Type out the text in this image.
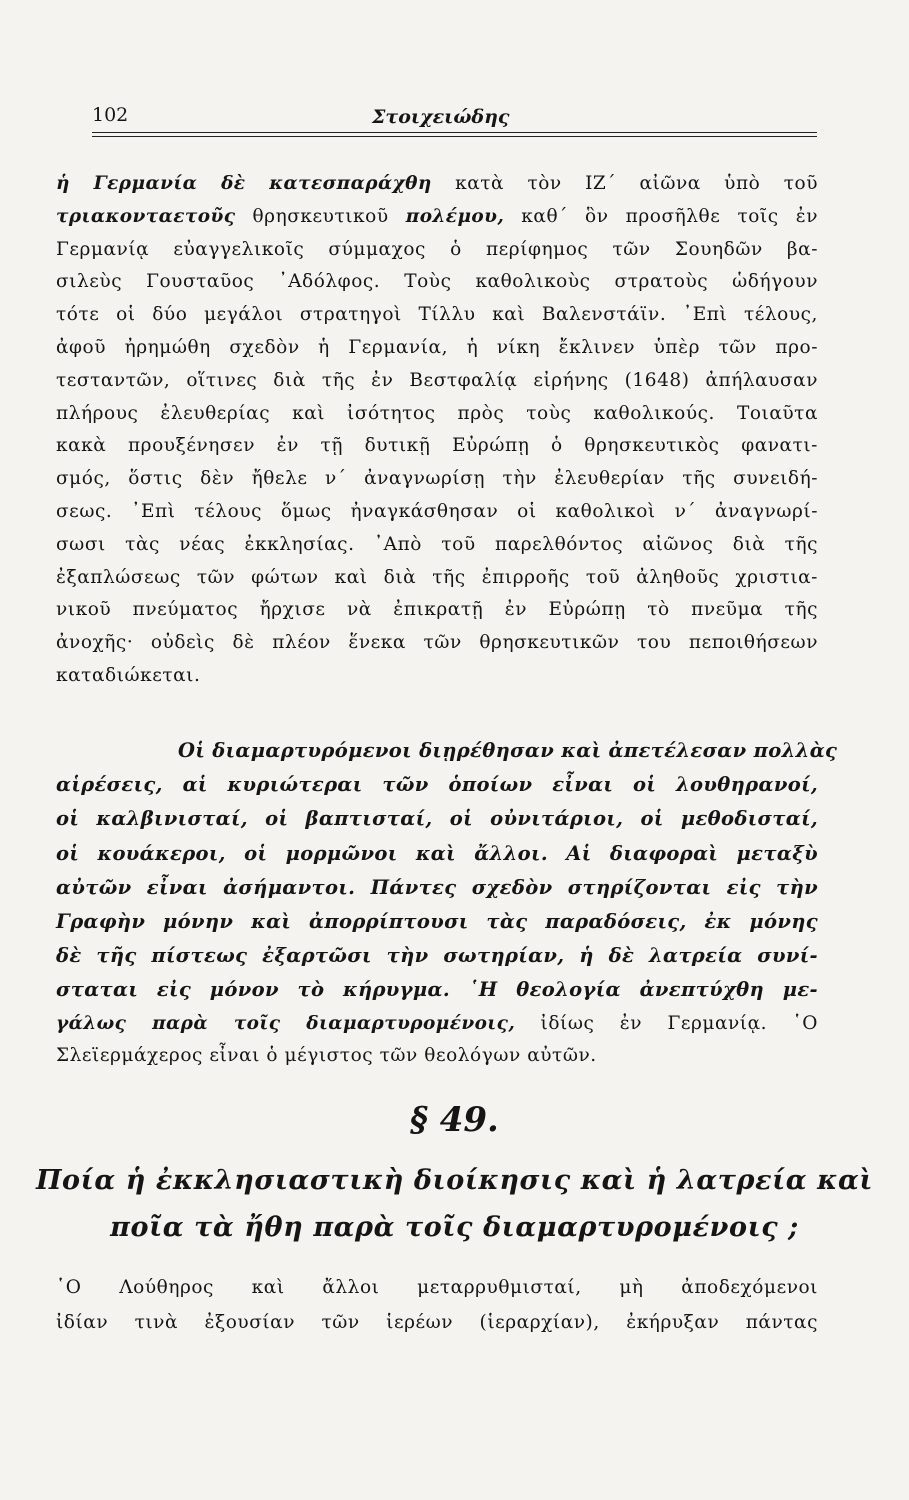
102	Στοιχειώδης
ἡ Γερμανία δὲ κατεσπαράχθη κατὰ τὸν ΙΖ΄ αἰῶνα ὑπὸ τοῦ
τριακονταετοῦς θρησκευτικοῦ πολέμου, καθ΄ ὃν προσῆλθε τοῖς ἐν
Γερμανίᾳ εὐαγγελικοῖς σύμμαχος ὁ περίφημος τῶν Σουηδῶν βα-
σιλεὺς Γουσταῦος ᾿Αδόλφος. Τοὺς καθολικοὺς στρατοὺς ὡδήγουν
τότε οἱ δύο μεγάλοι στρατηγοὶ Τίλλυ καὶ Βαλενστάϊν. ᾿Επὶ τέλους,
ἀφοῦ ἠρημώθη σχεδὸν ἡ Γερμανία, ἡ νίκη ἔκλινεν ὑπὲρ τῶν προ-
τεσταντῶν, οἵτινες διὰ τῆς ἐν Βεστφαλίᾳ εἰρήνης (1648) ἀπήλαυσαν
πλήρους ἐλευθερίας καὶ ἰσότητος πρὸς τοὺς καθολικούς. Τοιαῦτα
κακὰ προυξένησεν ἐν τῇ δυτικῇ Εὐρώπῃ ὁ θρησκευτικὸς φανατι-
σμός, ὅστις δὲν ἤθελε ν΄ ἀναγνωρίσῃ τὴν ἐλευθερίαν τῆς συνειδή-
σεως. ᾿Επὶ τέλους ὅμως ἠναγκάσθησαν οἱ καθολικοὶ ν΄ ἀναγνωρί-
σωσι τὰς νέας ἐκκλησίας. ᾿Απὸ τοῦ παρελθόντος αἰῶνος διὰ τῆς
ἐξαπλώσεως τῶν φώτων καὶ διὰ τῆς ἐπιρροῆς τοῦ ἀληθοῦς χριστια-
νικοῦ πνεύματος ἤρχισε νὰ ἐπικρατῇ ἐν Εὐρώπῃ τὸ πνεῦμα τῆς
ἀνοχῆς· οὐδεὶς δὲ πλέον ἕνεκα τῶν θρησκευτικῶν του πεποιθήσεων
καταδιώκεται.
Οἱ διαμαρτυρόμενοι διῃρέθησαν καὶ ἀπετέλεσαν πολλὰς
αἱρέσεις, αἱ κυριώτεραι τῶν ὁποίων εἶναι οἱ λουθηρανοί,
οἱ καλβινισταί, οἱ βαπτισταί, οἱ οὐνιτάριοι, οἱ μεθοδισταί,
οἱ κουάκεροι, οἱ μορμῶνοι καὶ ἄλλοι. Αἱ διαφοραὶ μεταξὺ
αὐτῶν εἶναι ἀσήμαντοι. Πάντες σχεδὸν στηρίζονται εἰς τὴν
Γραφὴν μόνην καὶ ἀπορρίπτουσι τὰς παραδόσεις, ἐκ μόνης
δὲ τῆς πίστεως ἐξαρτῶσι τὴν σωτηρίαν, ἡ δὲ λατρεία συνί-
σταται εἰς μόνον τὸ κήρυγμα. ῾Η θεολογία ἀνεπτύχθη με-
γάλως παρὰ τοῖς διαμαρτυρομένοις, ἰδίως ἐν Γερμανίᾳ. ῾Ο
Σλεϊερμάχερος εἶναι ὁ μέγιστος τῶν θεολόγων αὐτῶν.
§ 49.
Ποία ἡ ἐκκλησιαστικὴ διοίκησις καὶ ἡ λατρεία καὶ
ποῖα τὰ ἤθη παρὰ τοῖς διαμαρτυρομένοις ;
῾Ο Λούθηρος καὶ ἄλλοι μεταρρυθμισταί, μὴ ἀποδεχόμενοι
ἰδίαν τινὰ ἐξουσίαν τῶν ἱερέων (ἱεραρχίαν), ἐκήρυξαν πάντας
